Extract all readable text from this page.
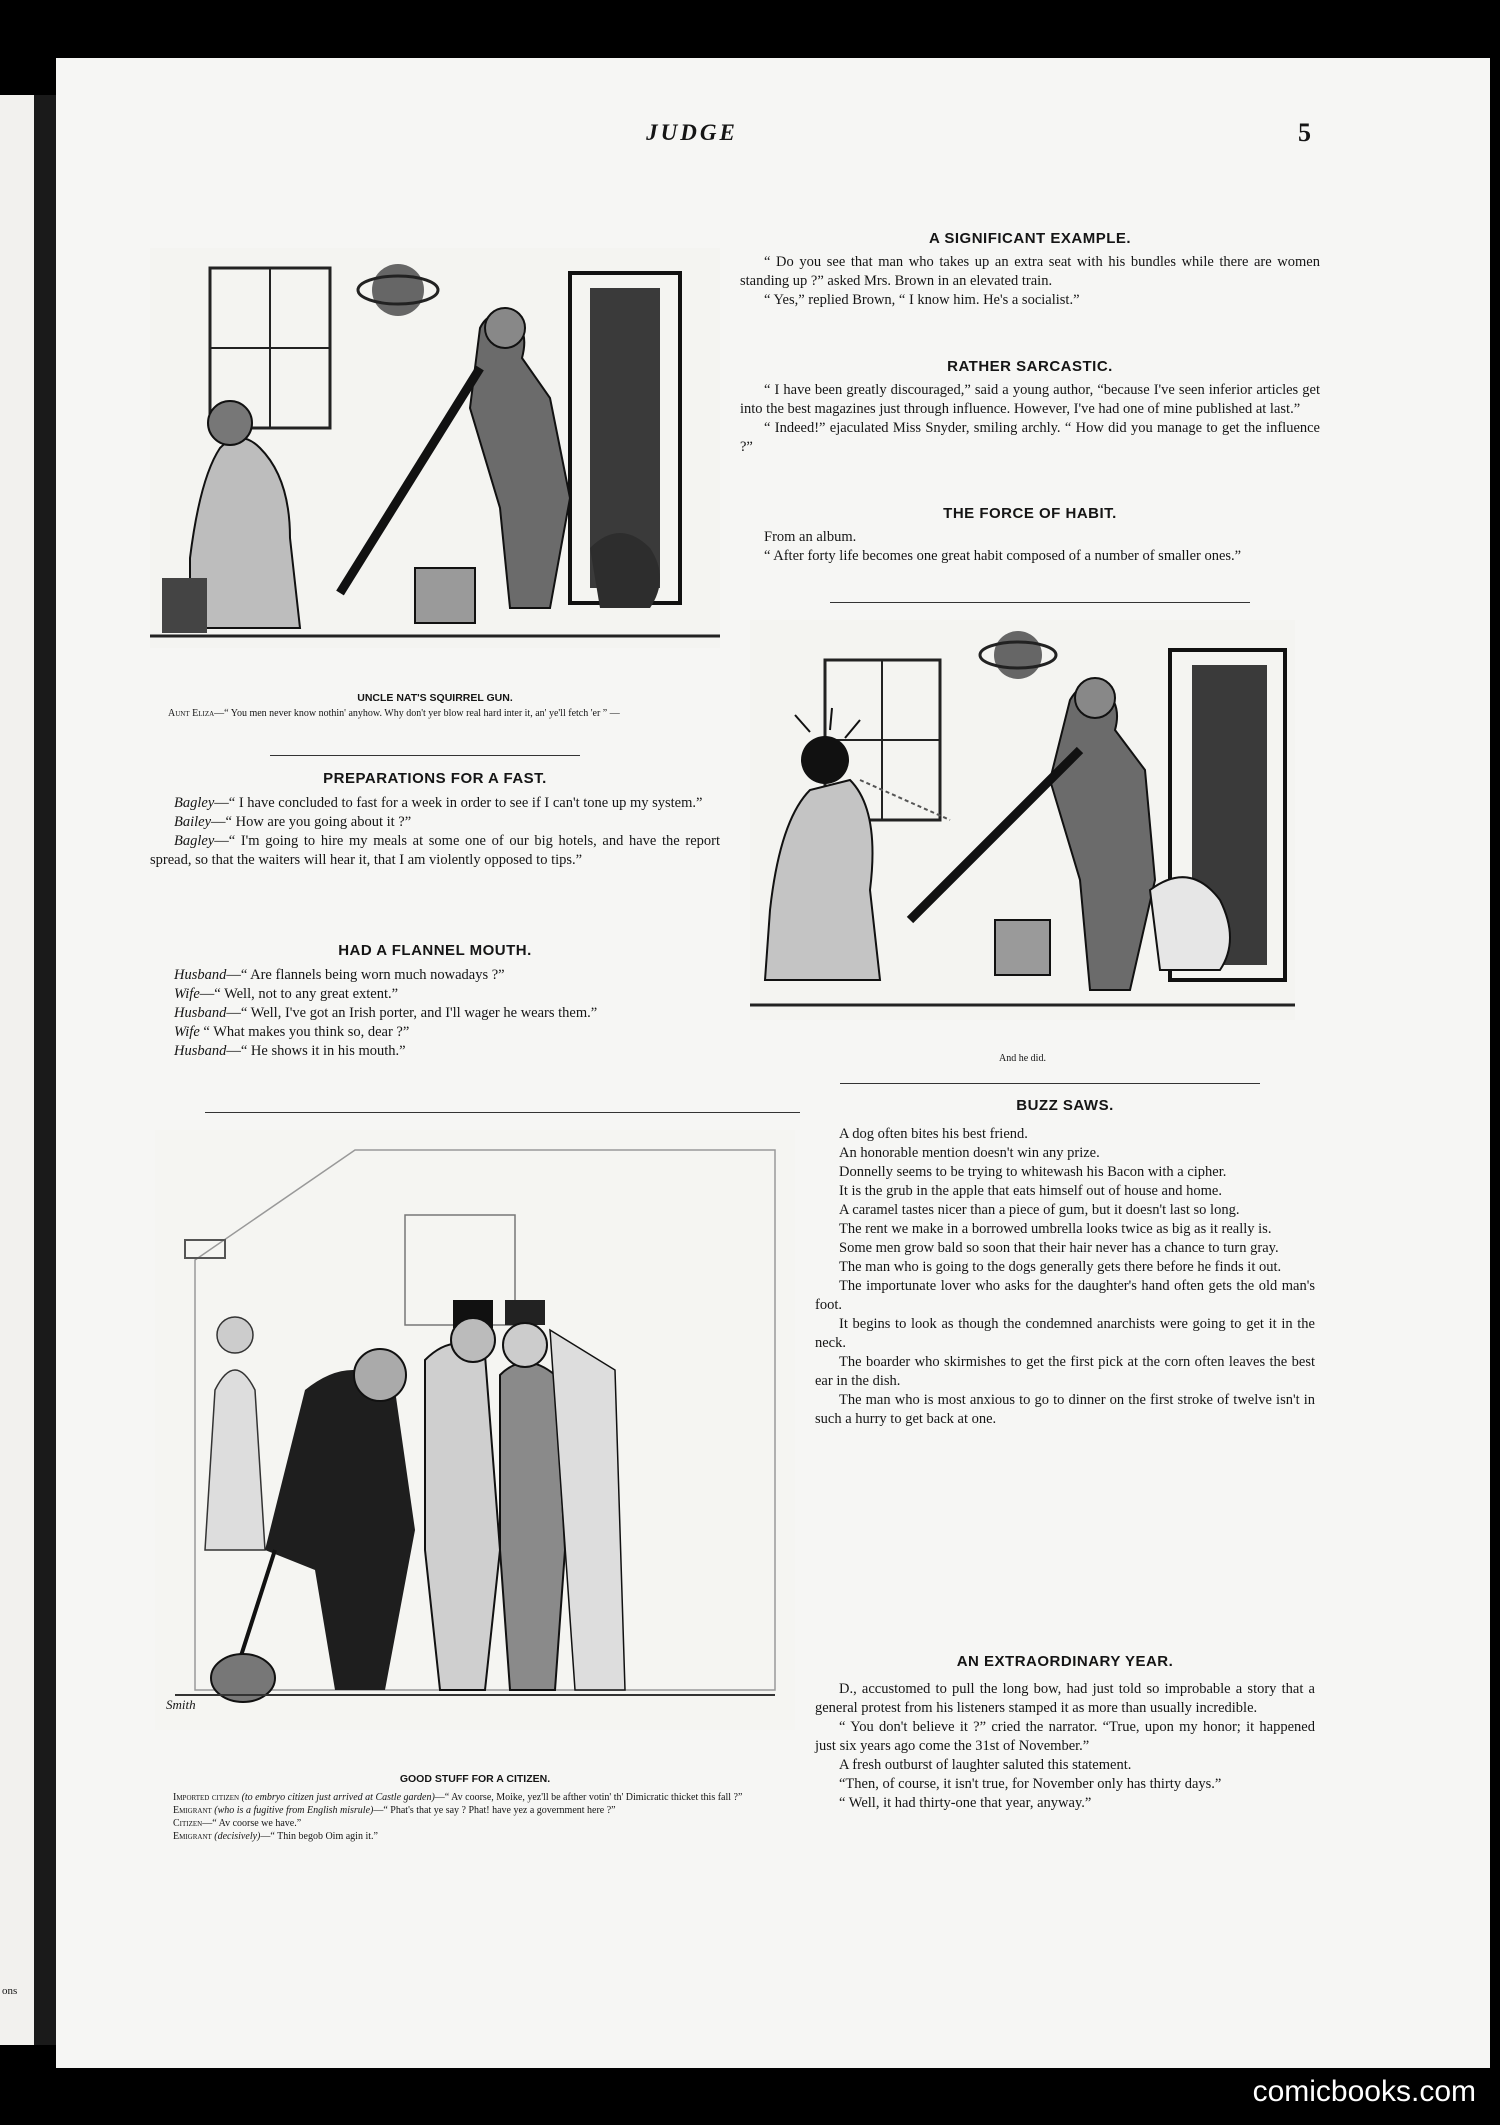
ons
JUDGE	5
UNCLE NAT'S SQUIRREL GUN.

Aunt Eliza—“ You men never know nothin' anyhow. Why don't yer blow real hard inter it, an' ye'll fetch 'er ” —

PREPARATIONS FOR A FAST.

Bagley—“ I have concluded to fast for a week in order to see if I can't tone up my system.”

Bailey—“ How are you going about it ?”

Bagley—“ I'm going to hire my meals at some one of our big hotels, and have the report spread, so that the waiters will hear it, that I am violently opposed to tips.”

HAD A FLANNEL MOUTH.

Husband—“ Are flannels being worn much nowadays ?”

Wife—“ Well, not to any great extent.”

Husband—“ Well, I've got an Irish porter, and I'll wager he wears them.”

Wife “ What makes you think so, dear ?”

Husband—“ He shows it in his mouth.”

Smith
GOOD STUFF FOR A CITIZEN.

Imported citizen (to embryo citizen just arrived at Castle garden)—“ Av coorse, Moike, yez'll be afther votin' th' Dimicratic thicket this fall ?”

Emigrant (who is a fugitive from English misrule)—“ Phat's that ye say ? Phat! have yez a government here ?”

Citizen—“ Av coorse we have.”

Emigrant (decisively)—“ Thin begob Oim agin it.”

A SIGNIFICANT EXAMPLE.

“ Do you see that man who takes up an extra seat with his bundles while there are women standing up ?” asked Mrs. Brown in an elevated train.

“ Yes,” replied Brown, “ I know him. He's a socialist.”

RATHER SARCASTIC.

“ I have been greatly discouraged,” said a young author, “because I've seen inferior articles get into the best magazines just through influence. However, I've had one of mine published at last.”

“ Indeed!” ejaculated Miss Snyder, smiling archly. “ How did you manage to get the influence ?”

THE FORCE OF HABIT.

From an album.

“ After forty life becomes one great habit composed of a number of smaller ones.”

And he did.
BUZZ SAWS.

A dog often bites his best friend.

An honorable mention doesn't win any prize.

Donnelly seems to be trying to whitewash his Bacon with a cipher.

It is the grub in the apple that eats himself out of house and home.

A caramel tastes nicer than a piece of gum, but it doesn't last so long.

The rent we make in a borrowed umbrella looks twice as big as it really is.

Some men grow bald so soon that their hair never has a chance to turn gray.

The man who is going to the dogs generally gets there before he finds it out.

The importunate lover who asks for the daughter's hand often gets the old man's foot.

It begins to look as though the condemned anarchists were going to get it in the neck.

The boarder who skirmishes to get the first pick at the corn often leaves the best ear in the dish.

The man who is most anxious to go to dinner on the first stroke of twelve isn't in such a hurry to get back at one.

AN EXTRAORDINARY YEAR.

D., accustomed to pull the long bow, had just told so improbable a story that a general protest from his listeners stamped it as more than usually incredible.

“ You don't believe it ?” cried the narrator. “True, upon my honor; it happened just six years ago come the 31st of November.”

A fresh outburst of laughter saluted this statement.

“Then, of course, it isn't true, for November only has thirty days.”

“ Well, it had thirty-one that year, anyway.”

comicbooks.com
